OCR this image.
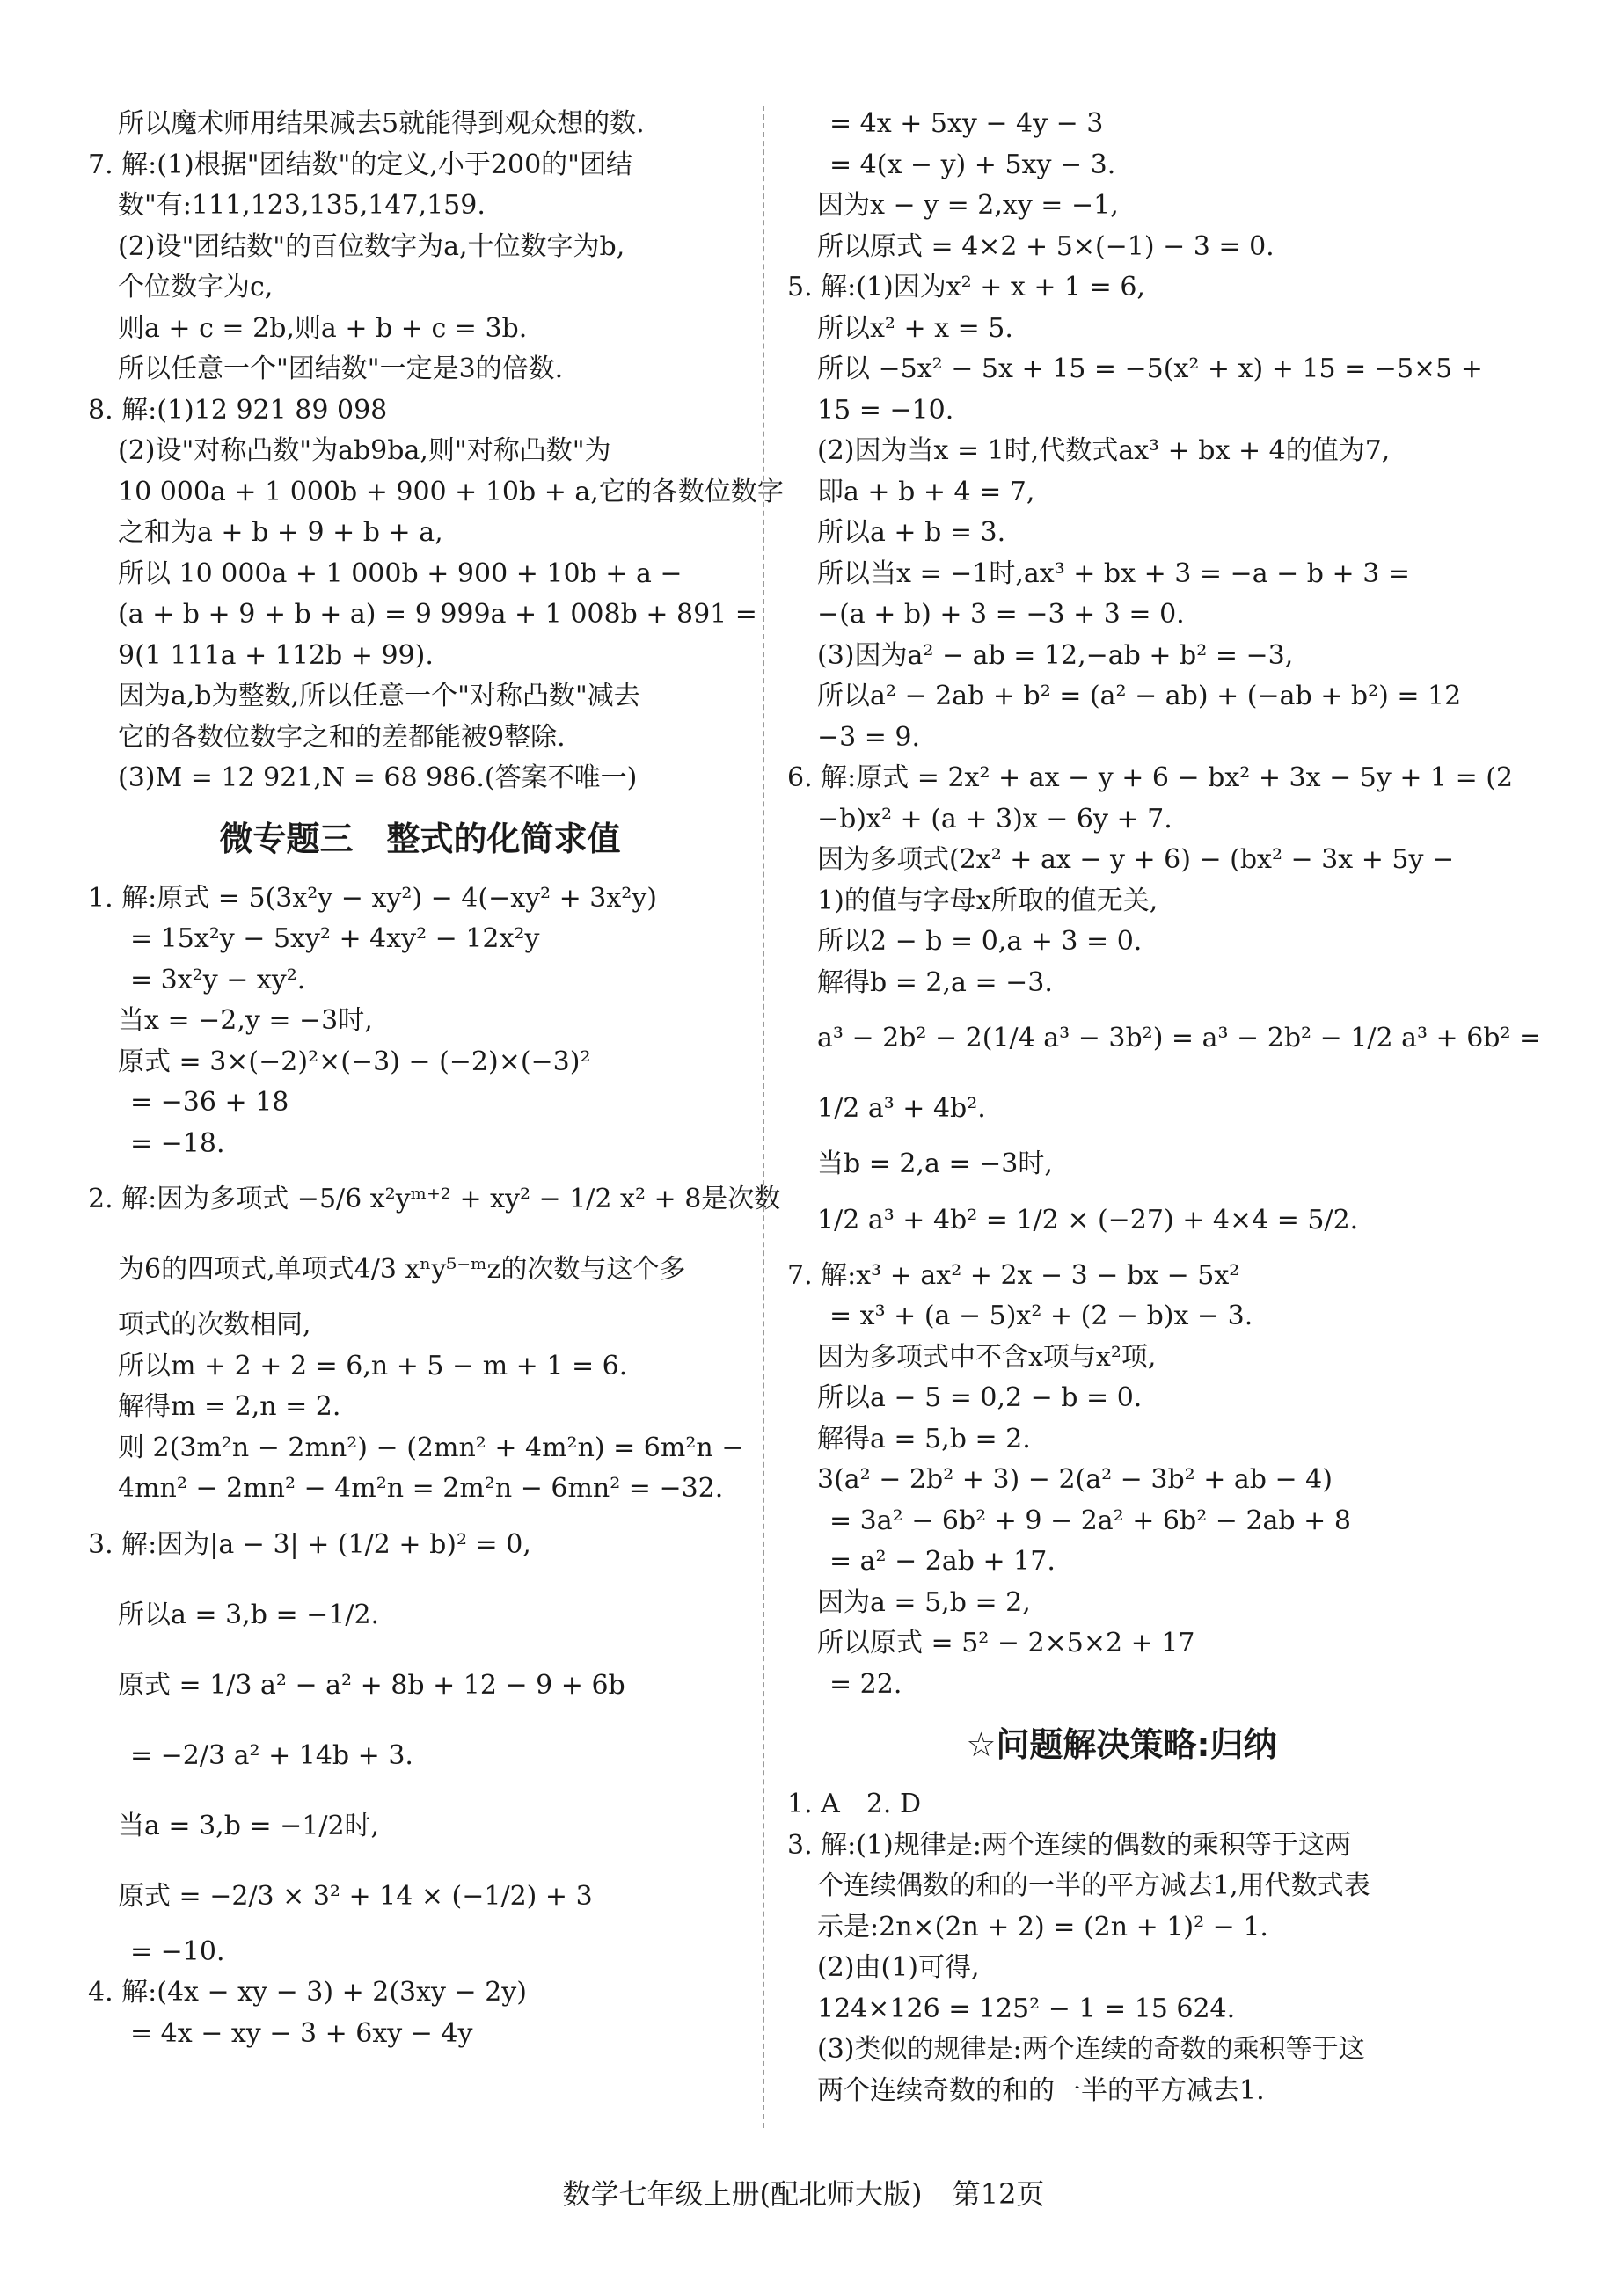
所以魔术师用结果减去5就能得到观众想的数.
7. 解:(1)根据"团结数"的定义,小于200的"团结
数"有:111,123,135,147,159.
(2)设"团结数"的百位数字为a,十位数字为b,
个位数字为c,
则a + c = 2b,则a + b + c = 3b.
所以任意一个"团结数"一定是3的倍数.
8. 解:(1)12 921 89 098
(2)设"对称凸数"为ab9ba,则"对称凸数"为
10 000a + 1 000b + 900 + 10b + a,它的各数位数字
之和为a + b + 9 + b + a,
所以 10 000a + 1 000b + 900 + 10b + a −
(a + b + 9 + b + a) = 9 999a + 1 008b + 891 =
9(1 111a + 112b + 99).
因为a,b为整数,所以任意一个"对称凸数"减去
它的各数位数字之和的差都能被9整除.
(3)M = 12 921,N = 68 986.(答案不唯一)
微专题三　整式的化简求值
1. 解:原式 = 5(3x²y − xy²) − 4(−xy² + 3x²y)
= 15x²y − 5xy² + 4xy² − 12x²y
= 3x²y − xy².
当x = −2,y = −3时,
原式 = 3×(−2)²×(−3) − (−2)×(−3)²
= −36 + 18
= −18.
2. 解:因为多项式 −5/6 x²yᵐ⁺² + xy² − 1/2 x² + 8是次数
为6的四项式,单项式4/3 xⁿy⁵⁻ᵐz的次数与这个多
项式的次数相同,
所以m + 2 + 2 = 6,n + 5 − m + 1 = 6.
解得m = 2,n = 2.
则 2(3m²n − 2mn²) − (2mn² + 4m²n) = 6m²n −
4mn² − 2mn² − 4m²n = 2m²n − 6mn² = −32.
3. 解:因为|a − 3| + (1/2 + b)² = 0,
所以a = 3,b = −1/2.
原式 = 1/3 a² − a² + 8b + 12 − 9 + 6b
= −2/3 a² + 14b + 3.
当a = 3,b = −1/2时,
原式 = −2/3 × 3² + 14 × (−1/2) + 3
= −10.
4. 解:(4x − xy − 3) + 2(3xy − 2y)
= 4x − xy − 3 + 6xy − 4y
= 4x + 5xy − 4y − 3
= 4(x − y) + 5xy − 3.
因为x − y = 2,xy = −1,
所以原式 = 4×2 + 5×(−1) − 3 = 0.
5. 解:(1)因为x² + x + 1 = 6,
所以x² + x = 5.
所以 −5x² − 5x + 15 = −5(x² + x) + 15 = −5×5 +
15 = −10.
(2)因为当x = 1时,代数式ax³ + bx + 4的值为7,
即a + b + 4 = 7,
所以a + b = 3.
所以当x = −1时,ax³ + bx + 3 = −a − b + 3 =
−(a + b) + 3 = −3 + 3 = 0.
(3)因为a² − ab = 12,−ab + b² = −3,
所以a² − 2ab + b² = (a² − ab) + (−ab + b²) = 12
−3 = 9.
6. 解:原式 = 2x² + ax − y + 6 − bx² + 3x − 5y + 1 = (2
−b)x² + (a + 3)x − 6y + 7.
因为多项式(2x² + ax − y + 6) − (bx² − 3x + 5y −
1)的值与字母x所取的值无关,
所以2 − b = 0,a + 3 = 0.
解得b = 2,a = −3.
a³ − 2b² − 2(1/4 a³ − 3b²) = a³ − 2b² − 1/2 a³ + 6b² =
1/2 a³ + 4b².
当b = 2,a = −3时,
1/2 a³ + 4b² = 1/2 × (−27) + 4×4 = 5/2.
7. 解:x³ + ax² + 2x − 3 − bx − 5x²
= x³ + (a − 5)x² + (2 − b)x − 3.
因为多项式中不含x项与x²项,
所以a − 5 = 0,2 − b = 0.
解得a = 5,b = 2.
3(a² − 2b² + 3) − 2(a² − 3b² + ab − 4)
= 3a² − 6b² + 9 − 2a² + 6b² − 2ab + 8
= a² − 2ab + 17.
因为a = 5,b = 2,
所以原式 = 5² − 2×5×2 + 17
= 22.
☆问题解决策略:归纳
1. A　2. D
3. 解:(1)规律是:两个连续的偶数的乘积等于这两
个连续偶数的和的一半的平方减去1,用代数式表
示是:2n×(2n + 2) = (2n + 1)² − 1.
(2)由(1)可得,
124×126 = 125² − 1 = 15 624.
(3)类似的规律是:两个连续的奇数的乘积等于这
两个连续奇数的和的一半的平方减去1.
数学七年级上册(配北师大版) 第12页
